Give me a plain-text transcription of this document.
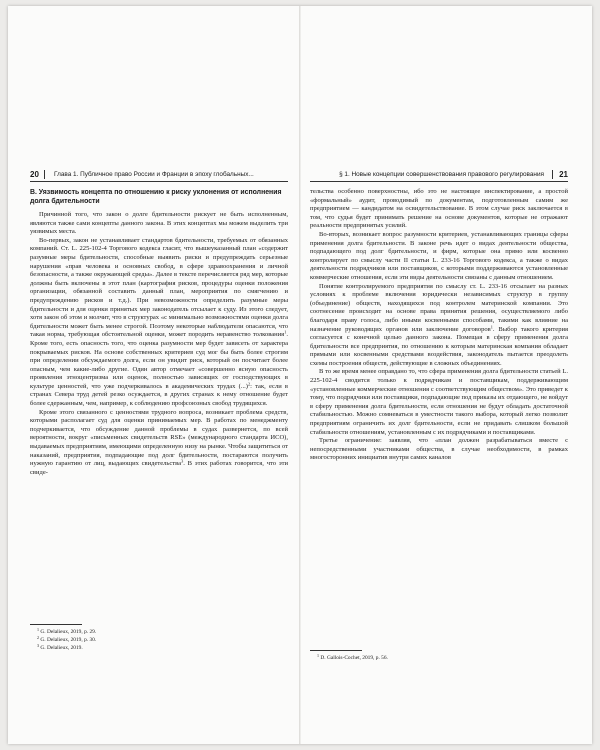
20 Глава 1. Публичное право России и Франции в эпоху глобальных...
B. Уязвимость концепта по отношению к риску уклонения от исполнения долга бдительности

Причинной того, что закон о долге бдительности рискует не быть исполненным, являются также сами концепты данного закона. В этих концептах мы можем выделить три уязвимых места.

Во-первых, закон не устанавливает стандартов бдительности, требуемых от обязанных компаний. Ст. L. 225-102-4 Торгового кодекса гласит, что вышеуказанный план «содержит разумные меры бдительности, способные выявить риски и предупреждать серьезные нарушения «прав человека и основных свобод, в сфере здравоохранения и личной безопасности, а также окружающей среды». Далее в тексте перечисляется ряд мер, которые должны быть включены в этот план (картография рисков, процедуры оценки положения организации, обязанной составить данный план, мероприятия по смягчению и предупреждению рисков и т.д.). При невозможности определить разумные меры бдительности и для оценки принятых мер законодатель отсылает к суду. Из этого следует, хотя закон об этом и молчит, что в структурах «с минимально возможностями оценки долга бдительности может быть менее строгой. Поэтому некоторые наблюдатели опасаются, что такая норма, требующая обстоятельной оценки, может породить неравенство толкования$^1$. Кроме того, есть опасность того, что оценка разумности мер будет зависеть от характера покрываемых рисков. На основе собственных критериев суд мог бы быть более строгим при определении обсуждаемого долга, если он увидит риск, который он посчитает более опасным, чем какие-либо другие. Один автор отмечает «совершенно ясную опасность проявления этноцентризма или оценок, полностью зависящих от господствующих в культуре ценностей, что уже подчеркивалось в академических трудах (...)$^2$: так, если в странах Севера труд детей резко осуждается, в других странах к нему отношение будет более сдержанным, чем, например, к соблюдению профсоюзных свобод трудящихся.

Кроме этого связанного с ценностями трудного вопроса, возникает проблема средств, которыми располагает суд для оценки принимаемых мер. В работах по менеджменту подчеркивается, что обсуждение данной проблемы в судах развернется, по всей вероятности, вокруг «письменных свидетельств RSE» (международного стандарта ИСО), выдаваемых предприятиям, имеющими определенную низу на рынке. Чтобы защититься от наказаний, предприятия, подпадающие под долг бдительности, постараются получить нужную гарантию от лиц, выдающих свидетельства$^3$. В этих работах говорится, что эти свиде-

$^1$ G. Delalieux, 2019, p. 29.
$^2$ G. Delalieux, 2019, p. 30.
$^3$ G. Delalieux, 2019.
§ 1. Новые концепции совершенствования правового регулирования 21

тельства особенно поверхностны, ибо это не настоящее инспектирование, а простой «формальный» аудит, проводимый по документам, подготовленным самим же предприятием — кандидатом на освидетельствование. В этом случае риск заключается в том, что судья будет принимать решение на основе документов, которые не отражают реальности предпринятых усилий.

Во-вторых, возникает вопрос разумности критериев, устанавливающих границы сферы применения долга бдительности. В законе речь идет о видах деятельности общества, подпадающего под долг бдительности, и фирм, которые она прямо или косвенно контролирует по смыслу части II статьи L. 233-16 Торгового кодекса, а также о видах деятельности подрядчиков или поставщиков, с которыми поддерживаются установленные коммерческие отношения, если эти виды деятельности связаны с данным отношением.

Понятие контролируемого предприятия по смыслу ст. L. 233-16 отсылает на разных условиях к проблеме включения юридически независимых структур в группу (объединение) обществ, находящихся под контролем материнской компании. Это соотнесение происходит на основе права принятия решения, осуществляемого либо благодаря праву голоса, либо иными косвенными способами, такими как влияние на назначение руководящих органов или заключение договоров$^1$. Выбор такого критерия согласуется с конечной целью данного закона. Помещая в сферу применения долга бдительности все предприятия, по отношению к которым материнская компания обладает прямыми или косвенными средствами воздействия, законодатель пытается преодолеть схемы построения обществ, действующие в сложных объединениях.

В то же время менее оправдано то, что сфера применения долга бдительности статьей L. 225-102-4 сводится только к подрядчикам и поставщикам, поддерживающим «установленные коммерческие отношения с соответствующим обществом». Это приведет к тому, что подрядчики или поставщики, подпадающие под приказы их отдающего, не войдут в сферу применения долга бдительности, если отношения не будут обладать достаточной стабильностью. Можно сомневаться в уместности такого выбора, который легко позволит предприятиям ограничить их долг бдительности, если не придавать слишком большой стабильности отношениям, установленным с их подрядчиками и поставщиками.

Третье ограничение: заявляя, что «план должен разрабатываться вместе с непосредственными участниками общества, в случае необходимости, в рамках многосторонних инициатив внутри самих каналов

$^1$ D. Gallois-Cochet, 2019, p. 56.
